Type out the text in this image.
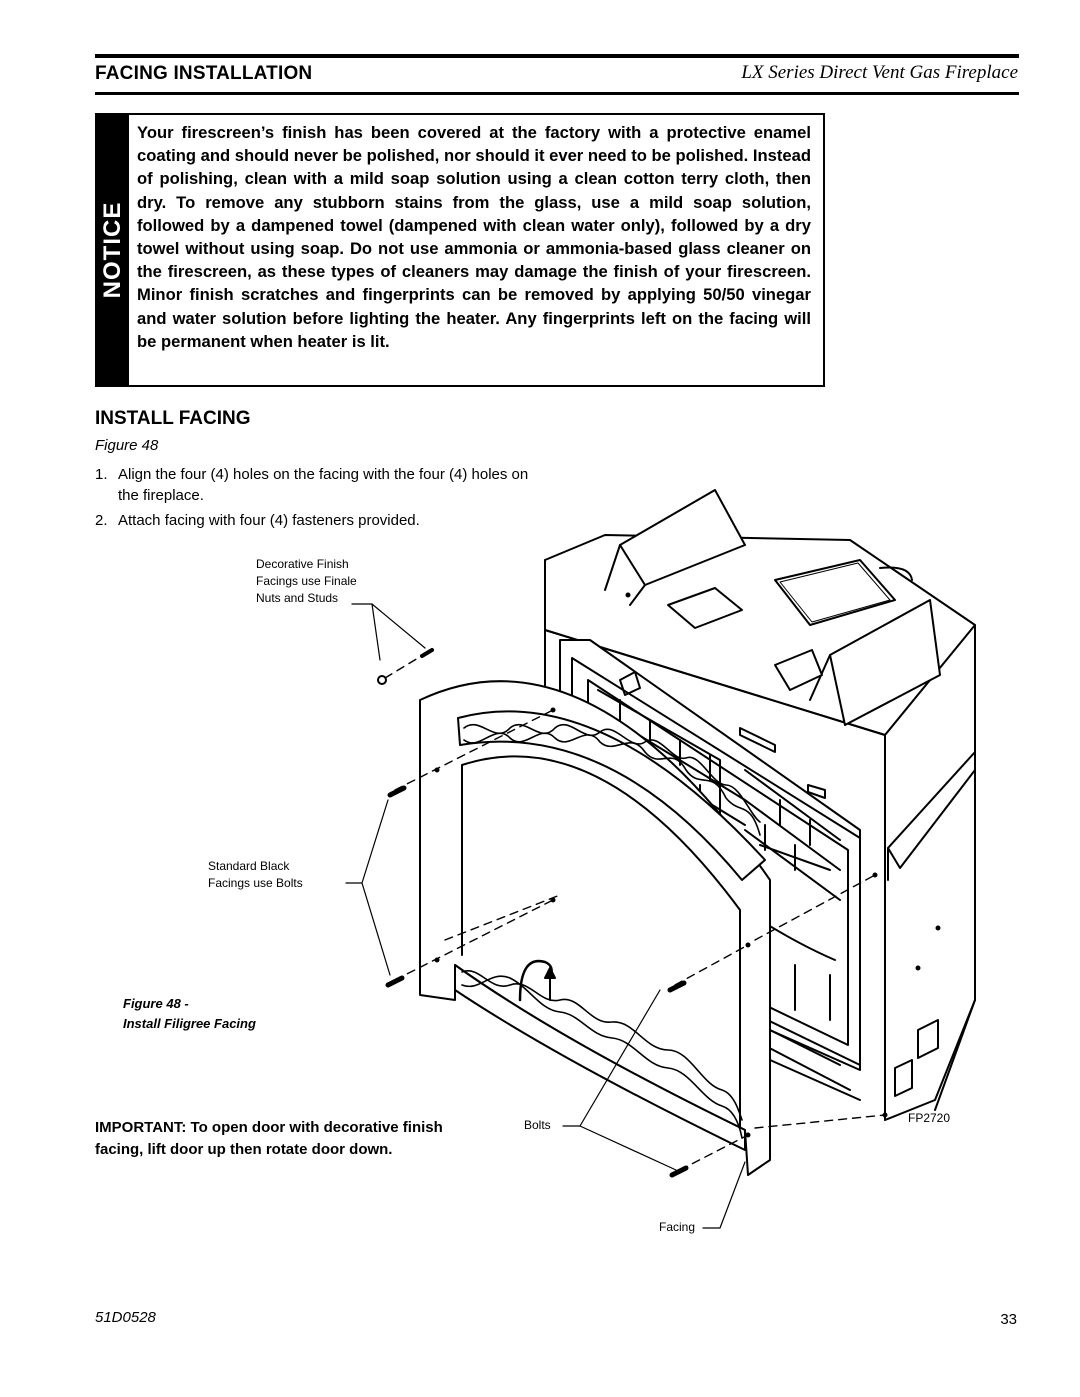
FACING INSTALLATION	LX Series Direct Vent Gas Fireplace
NOTICE
Your firescreen’s finish has been covered at the factory with a protective enamel coating and should never be polished, nor should it ever need to be polished. Instead of polishing, clean with a mild soap solution using a clean cotton terry cloth, then dry. To remove any stubborn stains from the glass, use a mild soap solution, followed by a dampened towel (dampened with clean water only), followed by a dry towel without using soap. Do not use ammonia or ammonia-based glass cleaner on the firescreen, as these types of cleaners may damage the finish of your firescreen. Minor finish scratches and fingerprints can be removed by applying 50/50 vinegar and water solution before lighting the heater. Any fingerprints left on the facing will be permanent when heater is lit.
INSTALL FACING
Figure 48
1. Align the four (4) holes on the facing with the four (4) holes on the fireplace.
2. Attach facing with four (4) fasteners provided.
Decorative Finish
Facings use Finale
Nuts and Studs
Standard Black
Facings use Bolts
Bolts
Facing
FP2720
Figure 48 -
Install Filigree Facing
IMPORTANT: To open door with decorative finish facing, lift door up then rotate door down.
51D0528	33
